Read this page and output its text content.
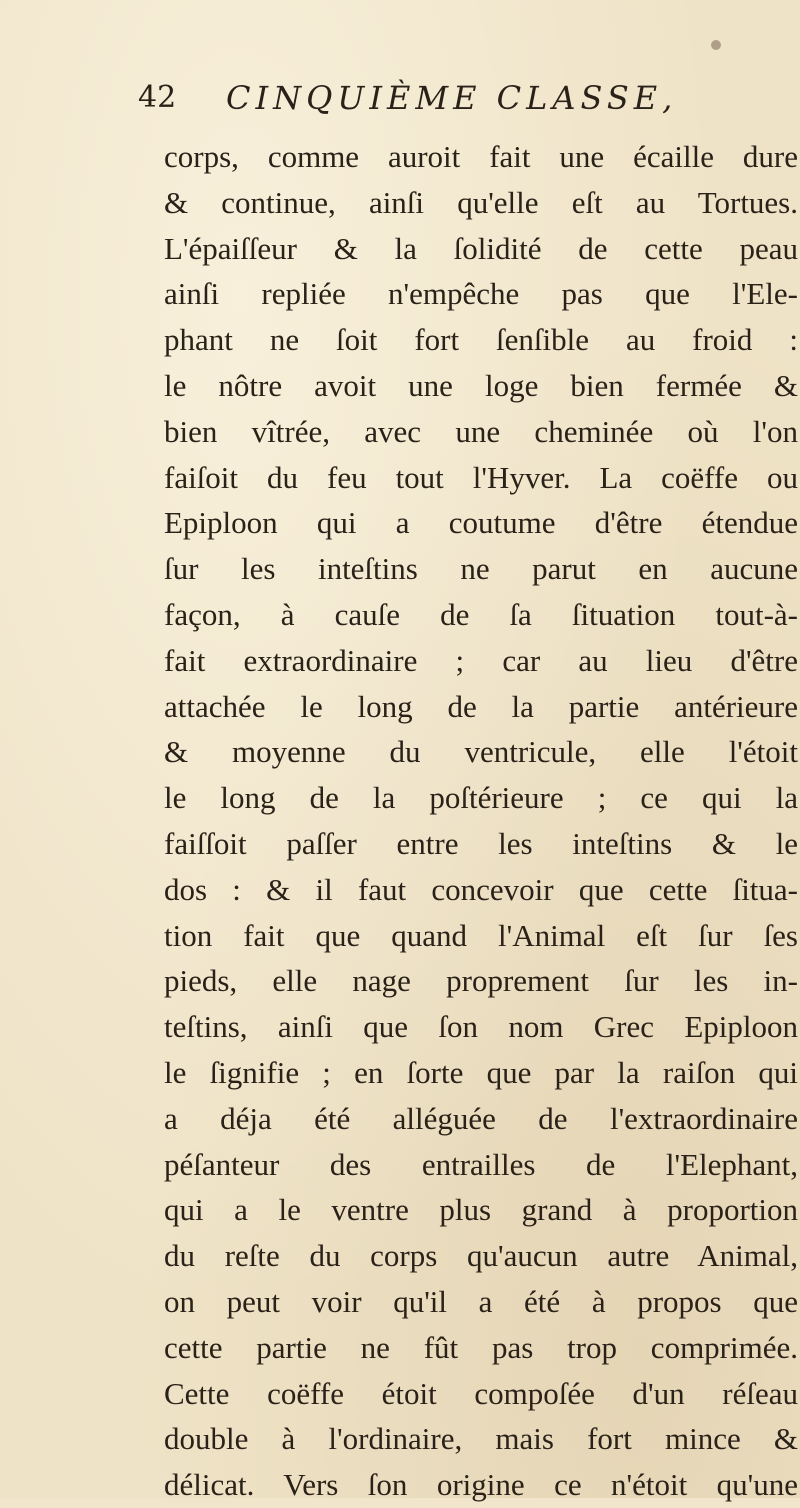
42 CINQUIÈME CLASSE,
corps, comme auroit fait une écaille dure
& continue, ainſi qu'elle eſt au Tortues.
L'épaiſſeur & la ſolidité de cette peau
ainſi repliée n'empêche pas que l'Ele-
phant ne ſoit fort ſenſible au froid :
le nôtre avoit une loge bien fermée &
bien vîtrée, avec une cheminée où l'on
faiſoit du feu tout l'Hyver. La coëffe ou
Epiploon qui a coutume d'être étendue
ſur les inteſtins ne parut en aucune
façon, à cauſe de ſa ſituation tout-à-
fait extraordinaire ; car au lieu d'être
attachée le long de la partie antérieure
& moyenne du ventricule, elle l'étoit
le long de la poſtérieure ; ce qui la
faiſſoit paſſer entre les inteſtins & le
dos : & il faut concevoir que cette ſitua-
tion fait que quand l'Animal eſt ſur ſes
pieds, elle nage proprement ſur les in-
teſtins, ainſi que ſon nom Grec Epiploon
le ſignifie ; en ſorte que par la raiſon qui
a déja été alléguée de l'extraordinaire
péſanteur des entrailles de l'Elephant,
qui a le ventre plus grand à proportion
du reſte du corps qu'aucun autre Animal,
on peut voir qu'il a été à propos que
cette partie ne fût pas trop comprimée.
Cette coëffe étoit compoſée d'un réſeau
double à l'ordinaire, mais fort mince &
délicat. Vers ſon origine ce n'étoit qu'une
